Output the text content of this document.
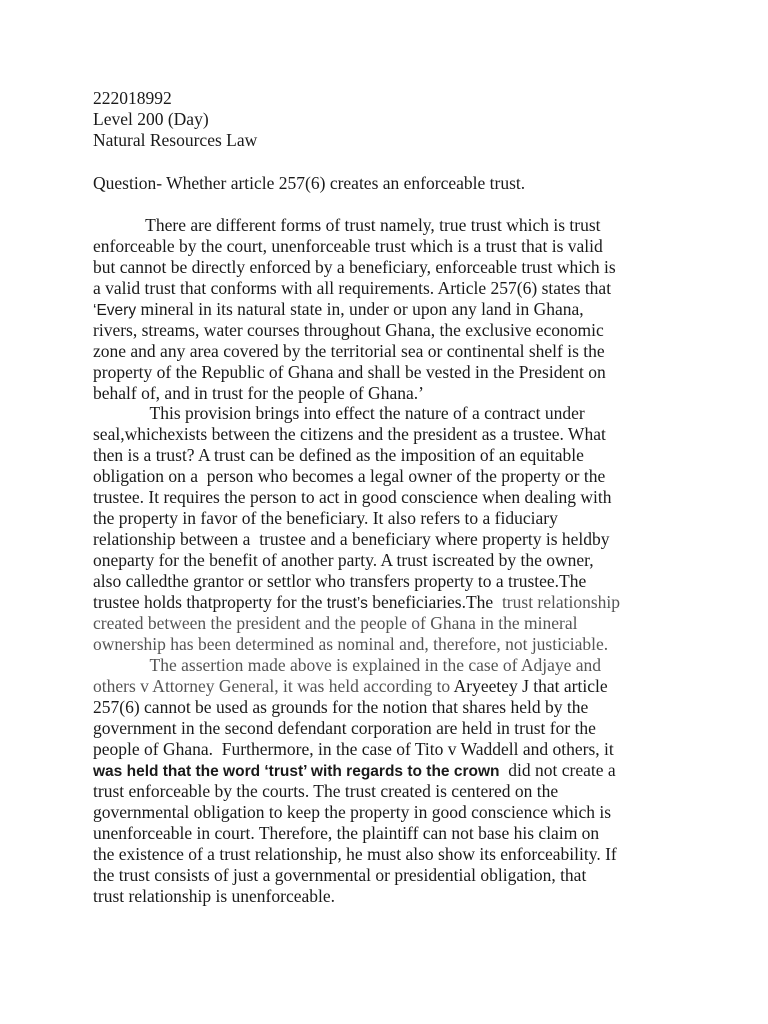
222018992
Level 200 (Day)
Natural Resources Law
Question- Whether article 257(6) creates an enforceable trust.
There are different forms of trust namely, true trust which is trust
enforceable by the court, unenforceable trust which is a trust that is valid
but cannot be directly enforced by a beneficiary, enforceable trust which is
a valid trust that conforms with all requirements. Article 257(6) states that
‘Every mineral in its natural state in, under or upon any land in Ghana,
rivers, streams, water courses throughout Ghana, the exclusive economic
zone and any area covered by the territorial sea or continental shelf is the
property of the Republic of Ghana and shall be vested in the President on
behalf of, and in trust for the people of Ghana.’
This provision brings into effect the nature of a contract under
seal,whichexists between the citizens and the president as a trustee. What
then is a trust? A trust can be defined as the imposition of an equitable
obligation on a  person who becomes a legal owner of the property or the
trustee. It requires the person to act in good conscience when dealing with
the property in favor of the beneficiary. It also refers to a fiduciary
relationship between a  trustee and a beneficiary where property is heldby
oneparty for the benefit of another party. A trust iscreated by the owner,
also calledthe grantor or settlor who transfers property to a trustee.The
trustee holds thatproperty for the trust’s beneficiaries.The  trust relationship
created between the president and the people of Ghana in the mineral
ownership has been determined as nominal and, therefore, not justiciable.
The assertion made above is explained in the case of Adjaye and
others v Attorney General, it was held according to Aryeetey J that article
257(6) cannot be used as grounds for the notion that shares held by the
government in the second defendant corporation are held in trust for the
people of Ghana.  Furthermore, in the case of Tito v Waddell and others, it
was held that the word ‘trust’ with regards to the crown  did not create a
trust enforceable by the courts. The trust created is centered on the
governmental obligation to keep the property in good conscience which is
unenforceable in court. Therefore, the plaintiff can not base his claim on
the existence of a trust relationship, he must also show its enforceability. If
the trust consists of just a governmental or presidential obligation, that
trust relationship is unenforceable.
